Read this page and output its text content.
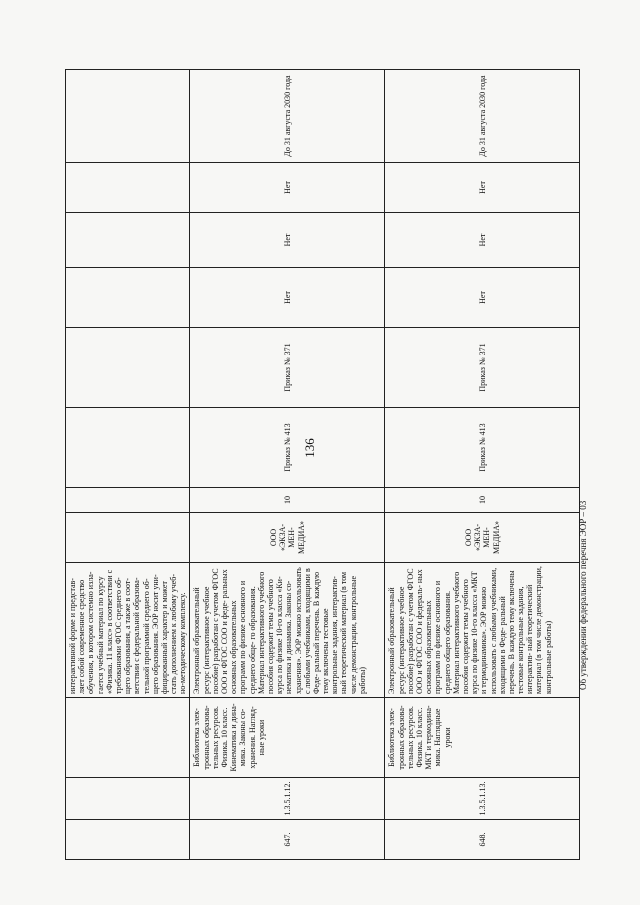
136
			интерактивной форме и представ- ляет собой современное средство обучения, в котором системно изла- гается учебный материал по курсу «Физика. 11 класс» в соответствии с требованиями ФГОС среднего об- щего образования, а также в соот- ветствии с федеральной образова- тельной программой среднего об- щего образования. ЭОР носит уни- фицированный характер и может стать дополнением к любому учеб- но-методическому комплексу.								
647.	1.3.5.1.12.	Библиотека элек- тронных образова- тельных ресурсов. Физика. 10 класс. Кинематика и дина- мика. Законы со- хранения. Нагляд- ные уроки	Электронный образовательный ресурс (интерактивное учебное пособие) разработан с учетом ФГОС ООО и ФГОС СОО и феде- ральных основных образовательных программ по физике основного и среднего обще- го образования. Материал интерактивного учебного пособия содержит темы учебного курса по физике 10-го класса «Ки- нематика и динамика. Законы со- хранения». ЭОР можно использовать с любыми учебниками, входящими в Феде- ральный перечень. В каждую тему включены тестовые контрольные задания, интерактив- ный теоретический материал (в том числе демонстрации, контрольные работы)	ООО «ЭКЗА- МЕН-МЕДИА»	10	Приказ № 413	Приказ № 371	Нет	Нет	Нет	До 31 августа 2030 года
648.	1.3.5.1.13.	Библиотека элек- тронных образова- тельных ресурсов. Физика. 10 класс. МКТ и термодина- мика. Наглядные уроки	Электронный образовательный ресурс (интерактивное учебное пособие) разработан с учетом ФГОС ООО и ФГОС СОО и федераль- ных основных образовательных программ по физике основного и среднего общего образования. Материал интерактивного учебного пособия содержит темы учебного курса по физике 10-го класса «МКТ и термодинамика». ЭОР можно использовать с любыми учебниками, входящими в Феде- ральный перечень. В каждую тему включены тестовые контрольные задания, интерактив- ный теоретический материал (в том числе демонстрации, контрольные работы)	ООО «ЭКЗА- МЕН-МЕДИА»	10	Приказ № 413	Приказ № 371	Нет	Нет	Нет	До 31 августа 2030 года
Об утверждении федерального перечня ЭОР – 03
